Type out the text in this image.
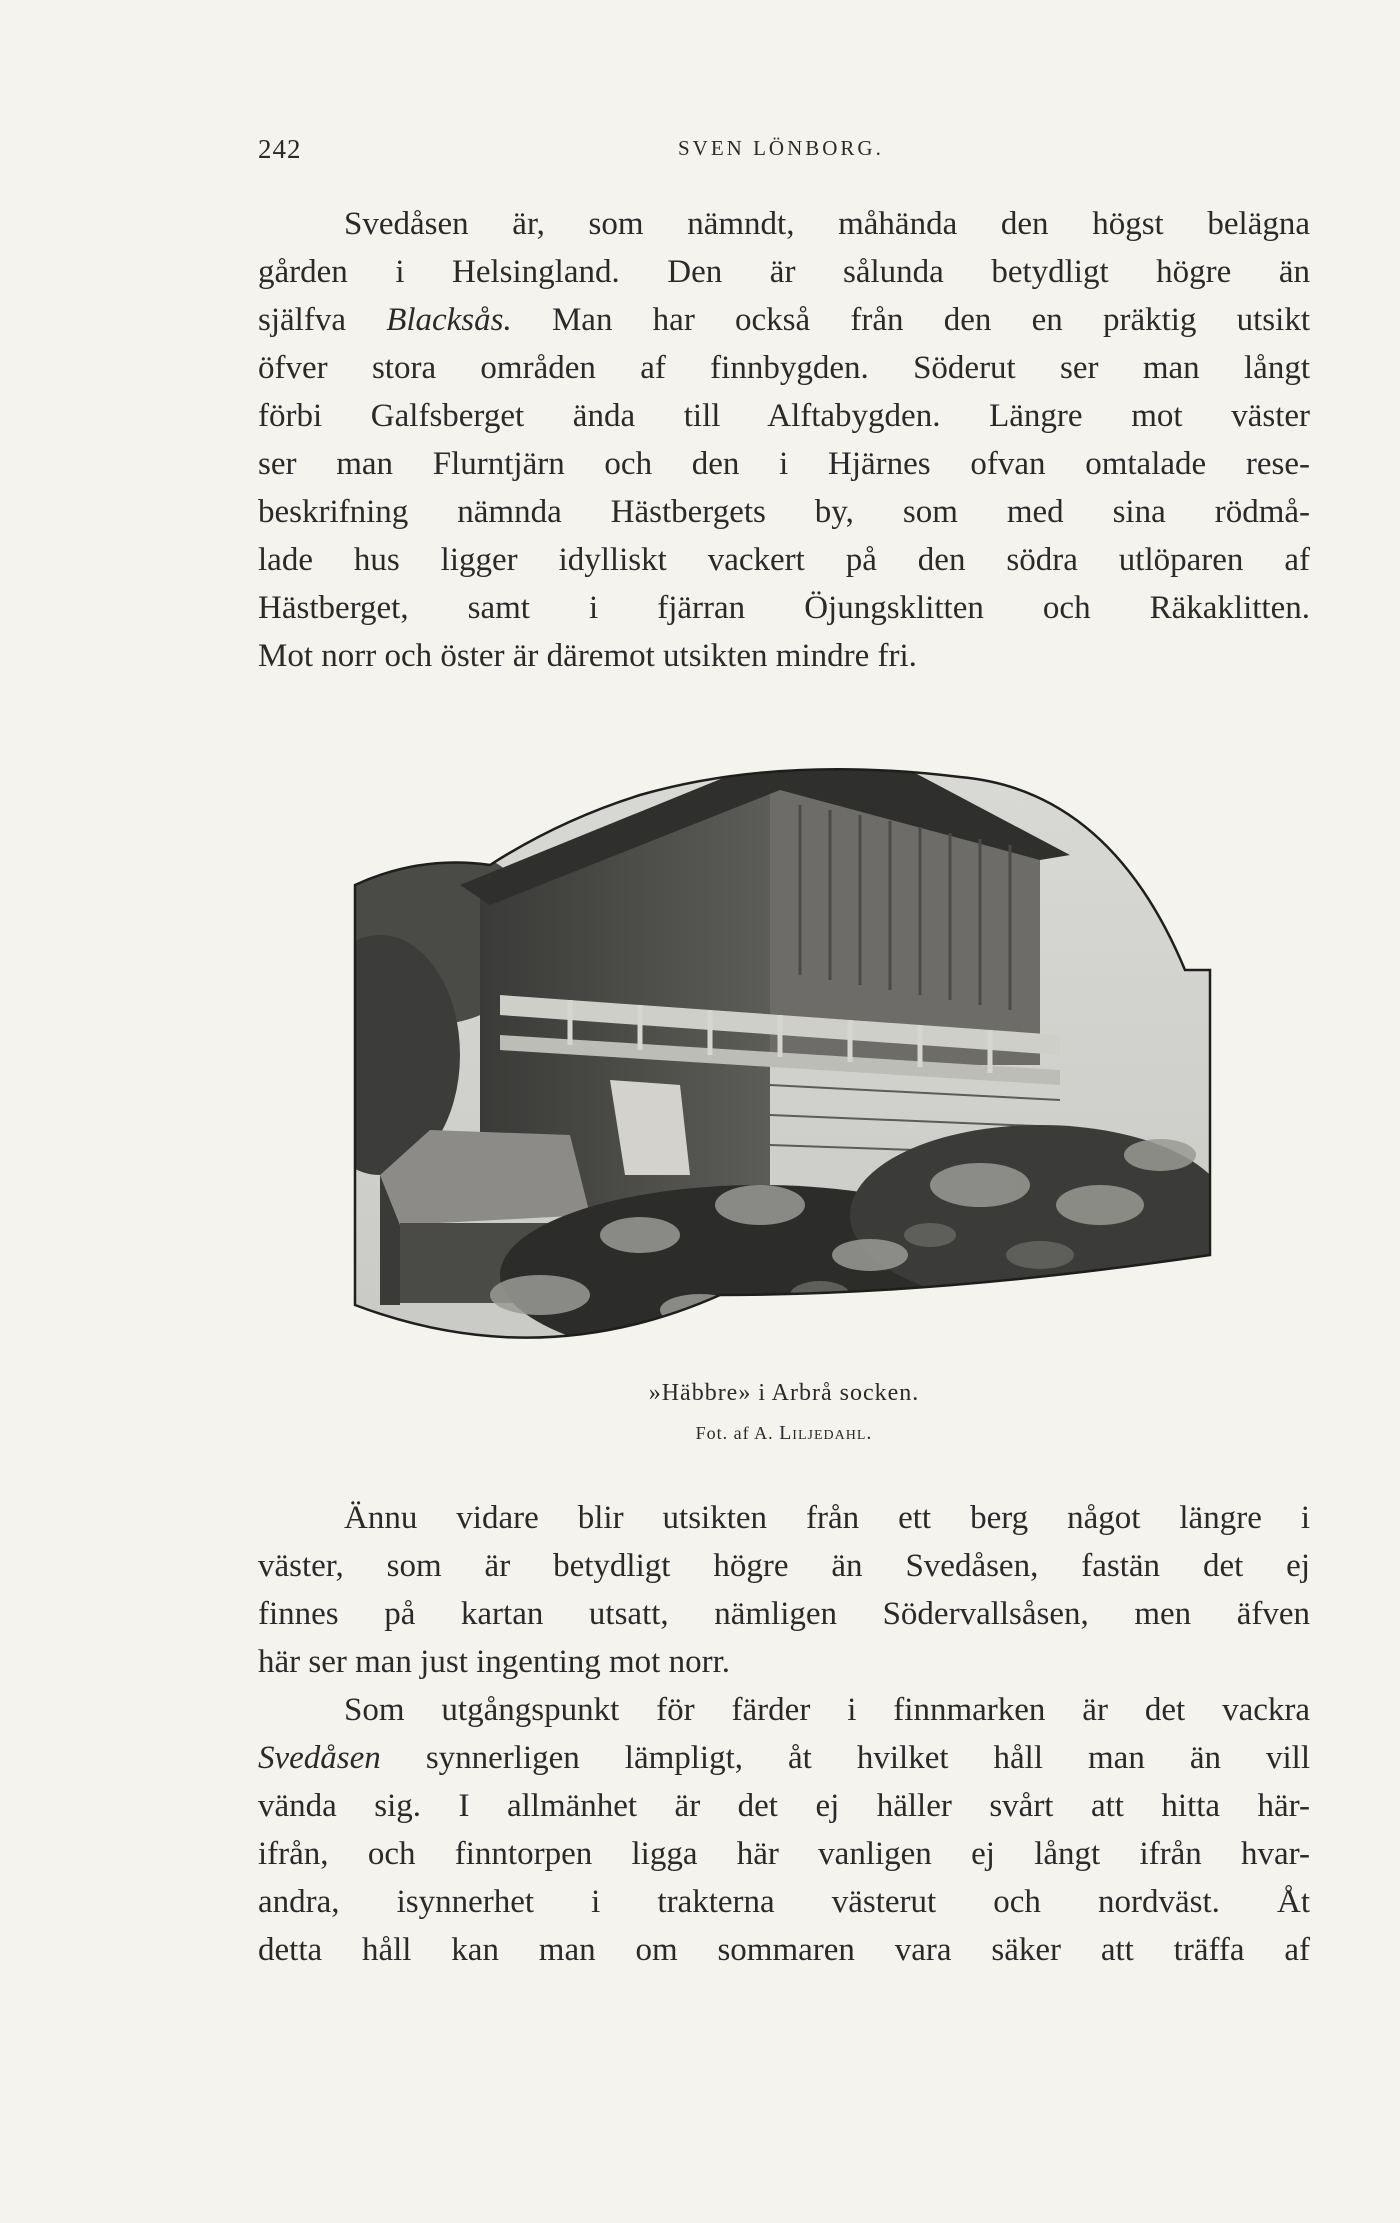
242	SVEN LÖNBORG.
Svedåsen är, som nämndt, måhända den högst belägna
gården i Helsingland. Den är sålunda betydligt högre än
själfva Blacksås. Man har också från den en präktig utsikt
öfver stora områden af finnbygden. Söderut ser man långt
förbi Galfsberget ända till Alftabygden. Längre mot väster
ser man Flurntjärn och den i Hjärnes ofvan omtalade rese-
beskrifning nämnda Hästbergets by, som med sina rödmå-
lade hus ligger idylliskt vackert på den södra utlöparen af
Hästberget, samt i fjärran Öjungsklitten och Räkaklitten.
Mot norr och öster är däremot utsikten mindre fri.
»Häbbre» i Arbrå socken.
Fot. af A. Liljedahl.
Ännu vidare blir utsikten från ett berg något längre i
väster, som är betydligt högre än Svedåsen, fastän det ej
finnes på kartan utsatt, nämligen Södervallsåsen, men äfven
här ser man just ingenting mot norr.
Som utgångspunkt för färder i finnmarken är det vackra
Svedåsen synnerligen lämpligt, åt hvilket håll man än vill
vända sig. I allmänhet är det ej häller svårt att hitta här-
ifrån, och finntorpen ligga här vanligen ej långt ifrån hvar-
andra, isynnerhet i trakterna västerut och nordväst. Åt
detta håll kan man om sommaren vara säker att träffa af
